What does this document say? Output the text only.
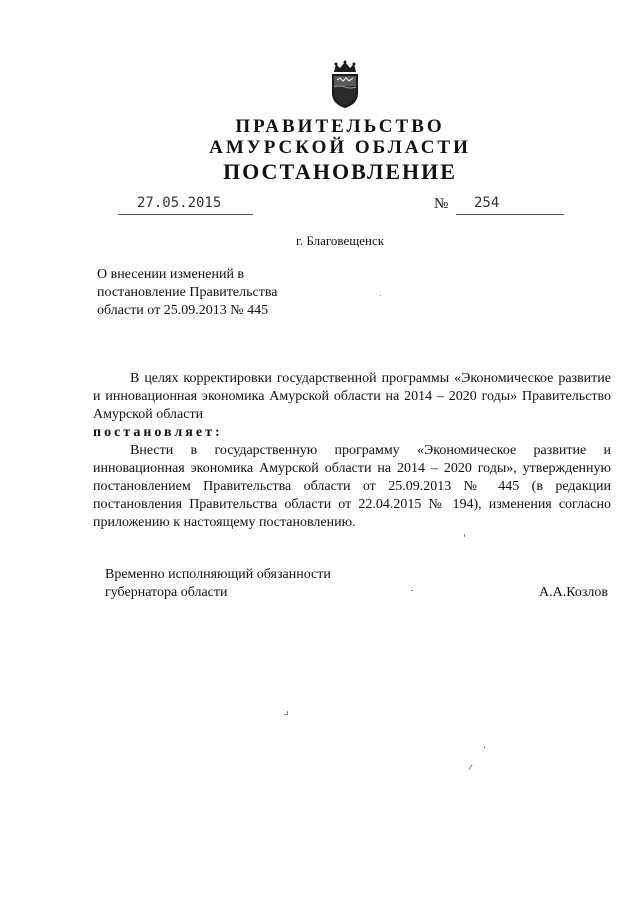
ПРАВИТЕЛЬСТВО
АМУРСКОЙ ОБЛАСТИ
ПОСТАНОВЛЕНИЕ
27.05.2015	№ 254
г. Благовещенск
О внесении изменений в
постановление Правительства
области от 25.09.2013 № 445

В целях корректировки государственной программы «Экономическое развитие и инновационная экономика Амурской области на 2014 – 2020 годы» Правительство Амурской области

постановляет:

Внести в государственную программу «Экономическое развитие и инновационная экономика Амурской области на 2014 – 2020 годы», утвержденную постановлением Правительства области от 25.09.2013 № 445 (в редакции постановления Правительства области от 22.04.2015 № 194), изменения согласно приложению к настоящему постановлению.

Временно исполняющий обязанности
губернатора области	А.А.Козлов
